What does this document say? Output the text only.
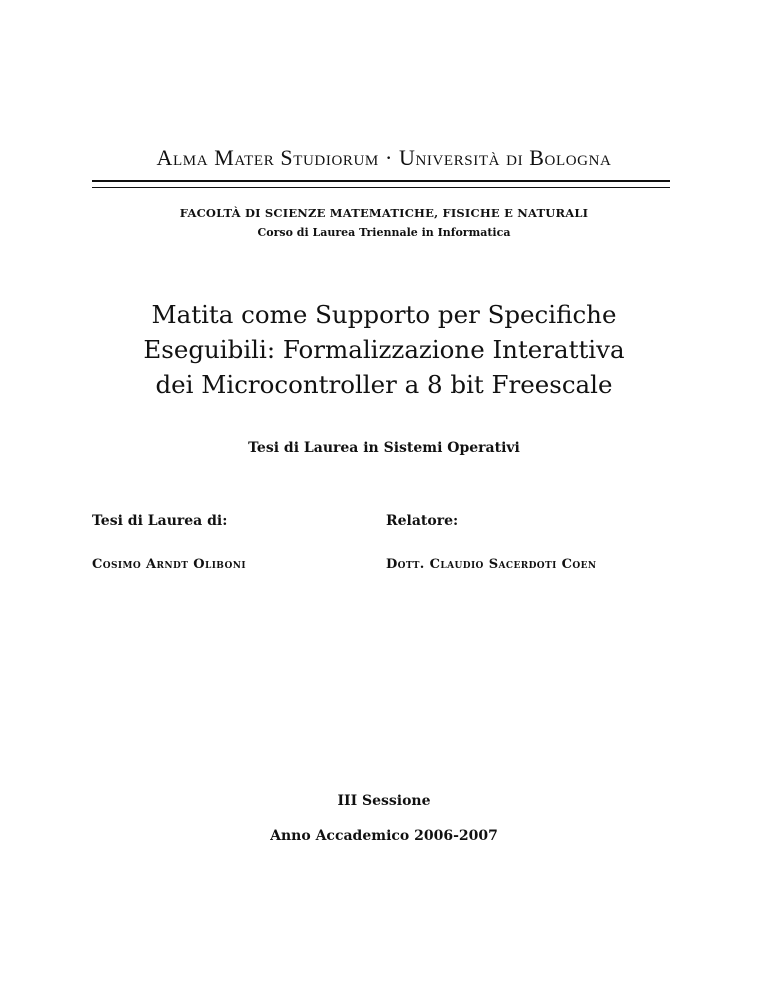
Alma Mater Studiorum · Università di Bologna
FACOLTÀ DI SCIENZE MATEMATICHE, FISICHE E NATURALI
Corso di Laurea Triennale in Informatica
Matita come Supporto per Specifiche
Eseguibili: Formalizzazione Interattiva
dei Microcontroller a 8 bit Freescale
Tesi di Laurea in Sistemi Operativi
Tesi di Laurea di:
Cosimo Arndt Oliboni
Relatore:
Dott. Claudio Sacerdoti Coen
III Sessione
Anno Accademico 2006-2007
